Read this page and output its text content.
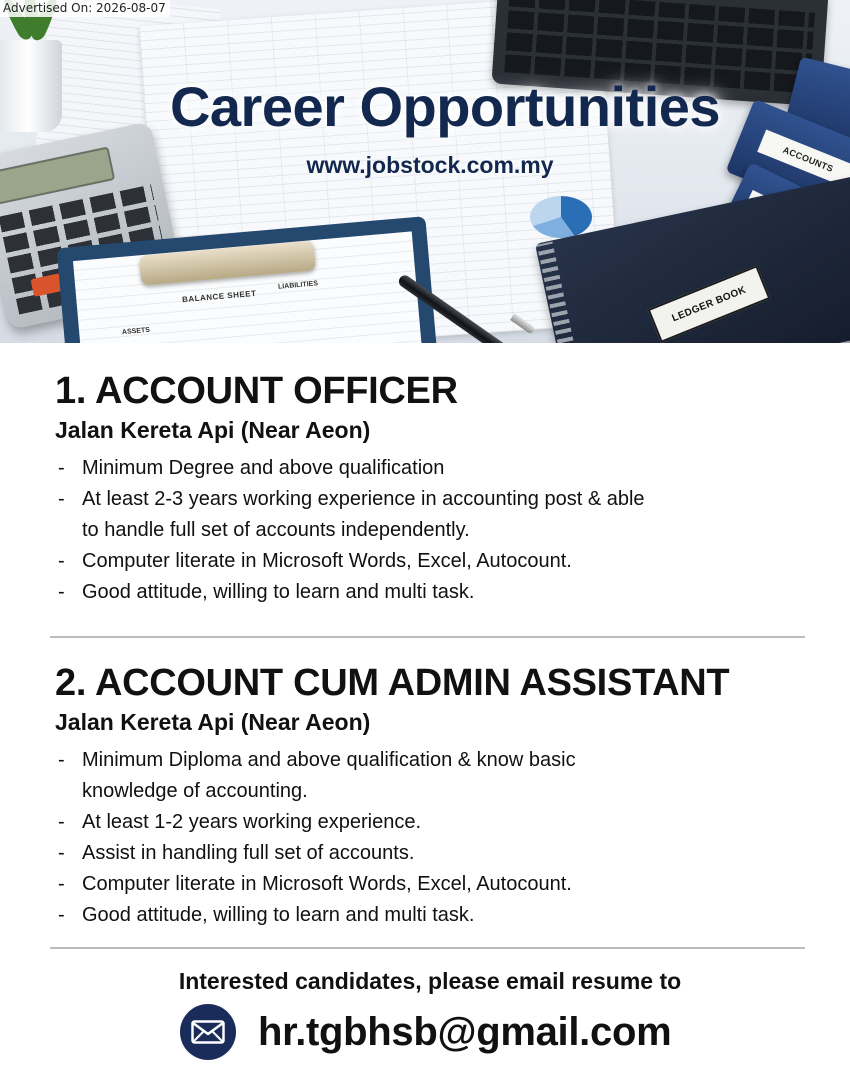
BALANCE SHEET
LIABILITIES
ASSETS
ACCOUNTS
LEDGER BOOK
Career Opportunities
www.jobstock.com.my
Advertised On: 2026-08-07
1. ACCOUNT OFFICER
Jalan Kereta Api (Near Aeon)
- Minimum Degree and above qualification
- At least 2-3 years working experience in accounting post & able
to handle full set of accounts independently.
- Computer literate in Microsoft Words, Excel, Autocount.
- Good attitude, willing to learn and multi task.
2. ACCOUNT CUM ADMIN ASSISTANT
Jalan Kereta Api (Near Aeon)
- Minimum Diploma and above qualification & know basic
knowledge of accounting.
- At least 1-2 years working experience.
- Assist in handling full set of accounts.
- Computer literate in Microsoft Words, Excel, Autocount.
- Good attitude, willing to learn and multi task.
Interested candidates, please email resume to
hr.tgbhsb@gmail.com
